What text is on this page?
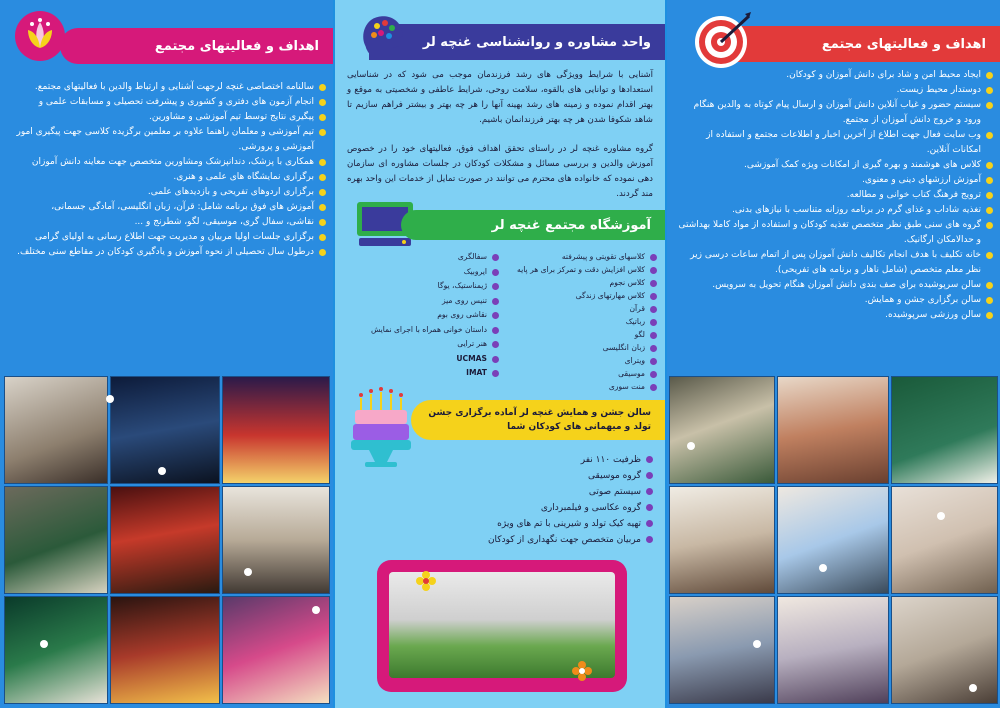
اهداف و فعالیتهای مجتمع
سالنامه اختصاصی غنچه لرجهت آشنایی و ارتباط والدین با فعالیتهای مجتمع.
انجام آزمون های دفتری و کشوری و پیشرفت تحصیلی و مسابقات علمی و
پیگیری نتایج توسط تیم آموزشی و مشاورین.
تیم آموزشی و معلمان راهنما علاوه بر معلمین برگزیده کلاسی جهت پیگیری امور آموزشی و پرورشی.
همکاری با پزشک، دندانپزشک ومشاورین متخصص جهت معاینه دانش آموزان
برگزاری نمایشگاه های علمی و هنری.
برگزاری اردوهای تفریحی و بازدیدهای علمی.
آموزش های فوق برنامه شامل: قرآن، زبان انگلیسی، آمادگی جسمانی،
نقاشی، سفال گری، موسیقی، لگو، شطرنج و ...
برگزاری جلسات اولیا مربیان و مدیریت جهت اطلاع رسانی به اولیای گرامی
درطول سال تحصیلی از نحوه آموزش و یادگیری کودکان در مقاطع سنی مختلف.
واحد مشاوره و روانشناسی غنچه لر
آشنایی با شرایط وویژگی های رشد فرزندمان موجب می شود که در شناسایی استعدادها و توانایی های بالقوه، سلامت روحی، شرایط عاطفی و شخصیتی به موقع و بهتر اقدام نموده و زمینه های رشد بهینه آنها را هر چه بهتر و بیشتر فراهم سازیم تا شاهد شکوفا شدن هر چه بهتر فرزندانمان باشیم.
گروه مشاوره غنچه لر در راستای تحقق اهداف فوق، فعالیتهای خود را در خصوص آموزش والدین و بررسی مسائل و مشکلات کودکان در جلسات مشاوره ای سازمان دهی نموده که خانواده های محترم می توانند در صورت تمایل از خدمات این واحد بهره مند گردند.
آموزشگاه مجتمع غنچه لر
کلاسهای تقویتی و پیشرفته
کلاس افزایش دقت و تمرکز برای هر پایه
کلاس نجوم
کلاس مهارتهای زندگی
قرآن
رباتیک
لگو
زبان انگلیسی
ویترای
موسیقی
منت سوری
سفالگری
ایروبیک
ژیمناستیک، یوگا
تنیس روی میز
نقاشی روی بوم
داستان خوانی همراه با اجرای نمایش
هنر ترایی
UCMAS
IMAT
سالن جشن و همایش غنچه لر آماده برگزاری جشن تولد و میهمانی های کودکان شما
ظرفیت ۱۱۰ نفر
گروه موسیقی
سیستم صوتی
گروه عکاسی و فیلمبرداری
تهیه کیک تولد و شیرینی با تم های ویژه
مربیان متخصص جهت نگهداری از کودکان
اهداف و فعالیتهای مجتمع
ایجاد محیط امن و شاد برای دانش آموزان و کودکان.
دوستدار محیط زیست.
سیستم حضور و غیاب آنلاین دانش آموزان و ارسال پیام کوتاه به والدین هنگام ورود و خروج دانش آموزان از مجتمع.
وب سایت فعال جهت اطلاع از آخرین اخبار و اطلاعات مجتمع و استفاده از امکانات آنلاین.
کلاس های هوشمند و بهره گیری از امکانات ویژه کمک آموزشی.
آموزش ارزشهای دینی و معنوی.
ترویج فرهنگ کتاب خوانی و مطالعه.
تغذیه شاداب و غذای گرم در برنامه روزانه متناسب با نیازهای بدنی.
گروه های سنی طبق نظر متخصص تغذیه کودکان و استفاده از مواد کاملا بهداشتی و حدالامکان ارگانیک.
خانه تکلیف با هدف انجام تکالیف دانش آموزان پس از اتمام ساعات درسی زیر نظر معلم متخصص (شامل ناهار و برنامه های تفریحی).
سالن سرپوشیده برای صف بندی دانش آموزان هنگام تحویل به سرویس.
سالن برگزاری جشن و همایش.
سالن ورزشی سرپوشیده.
